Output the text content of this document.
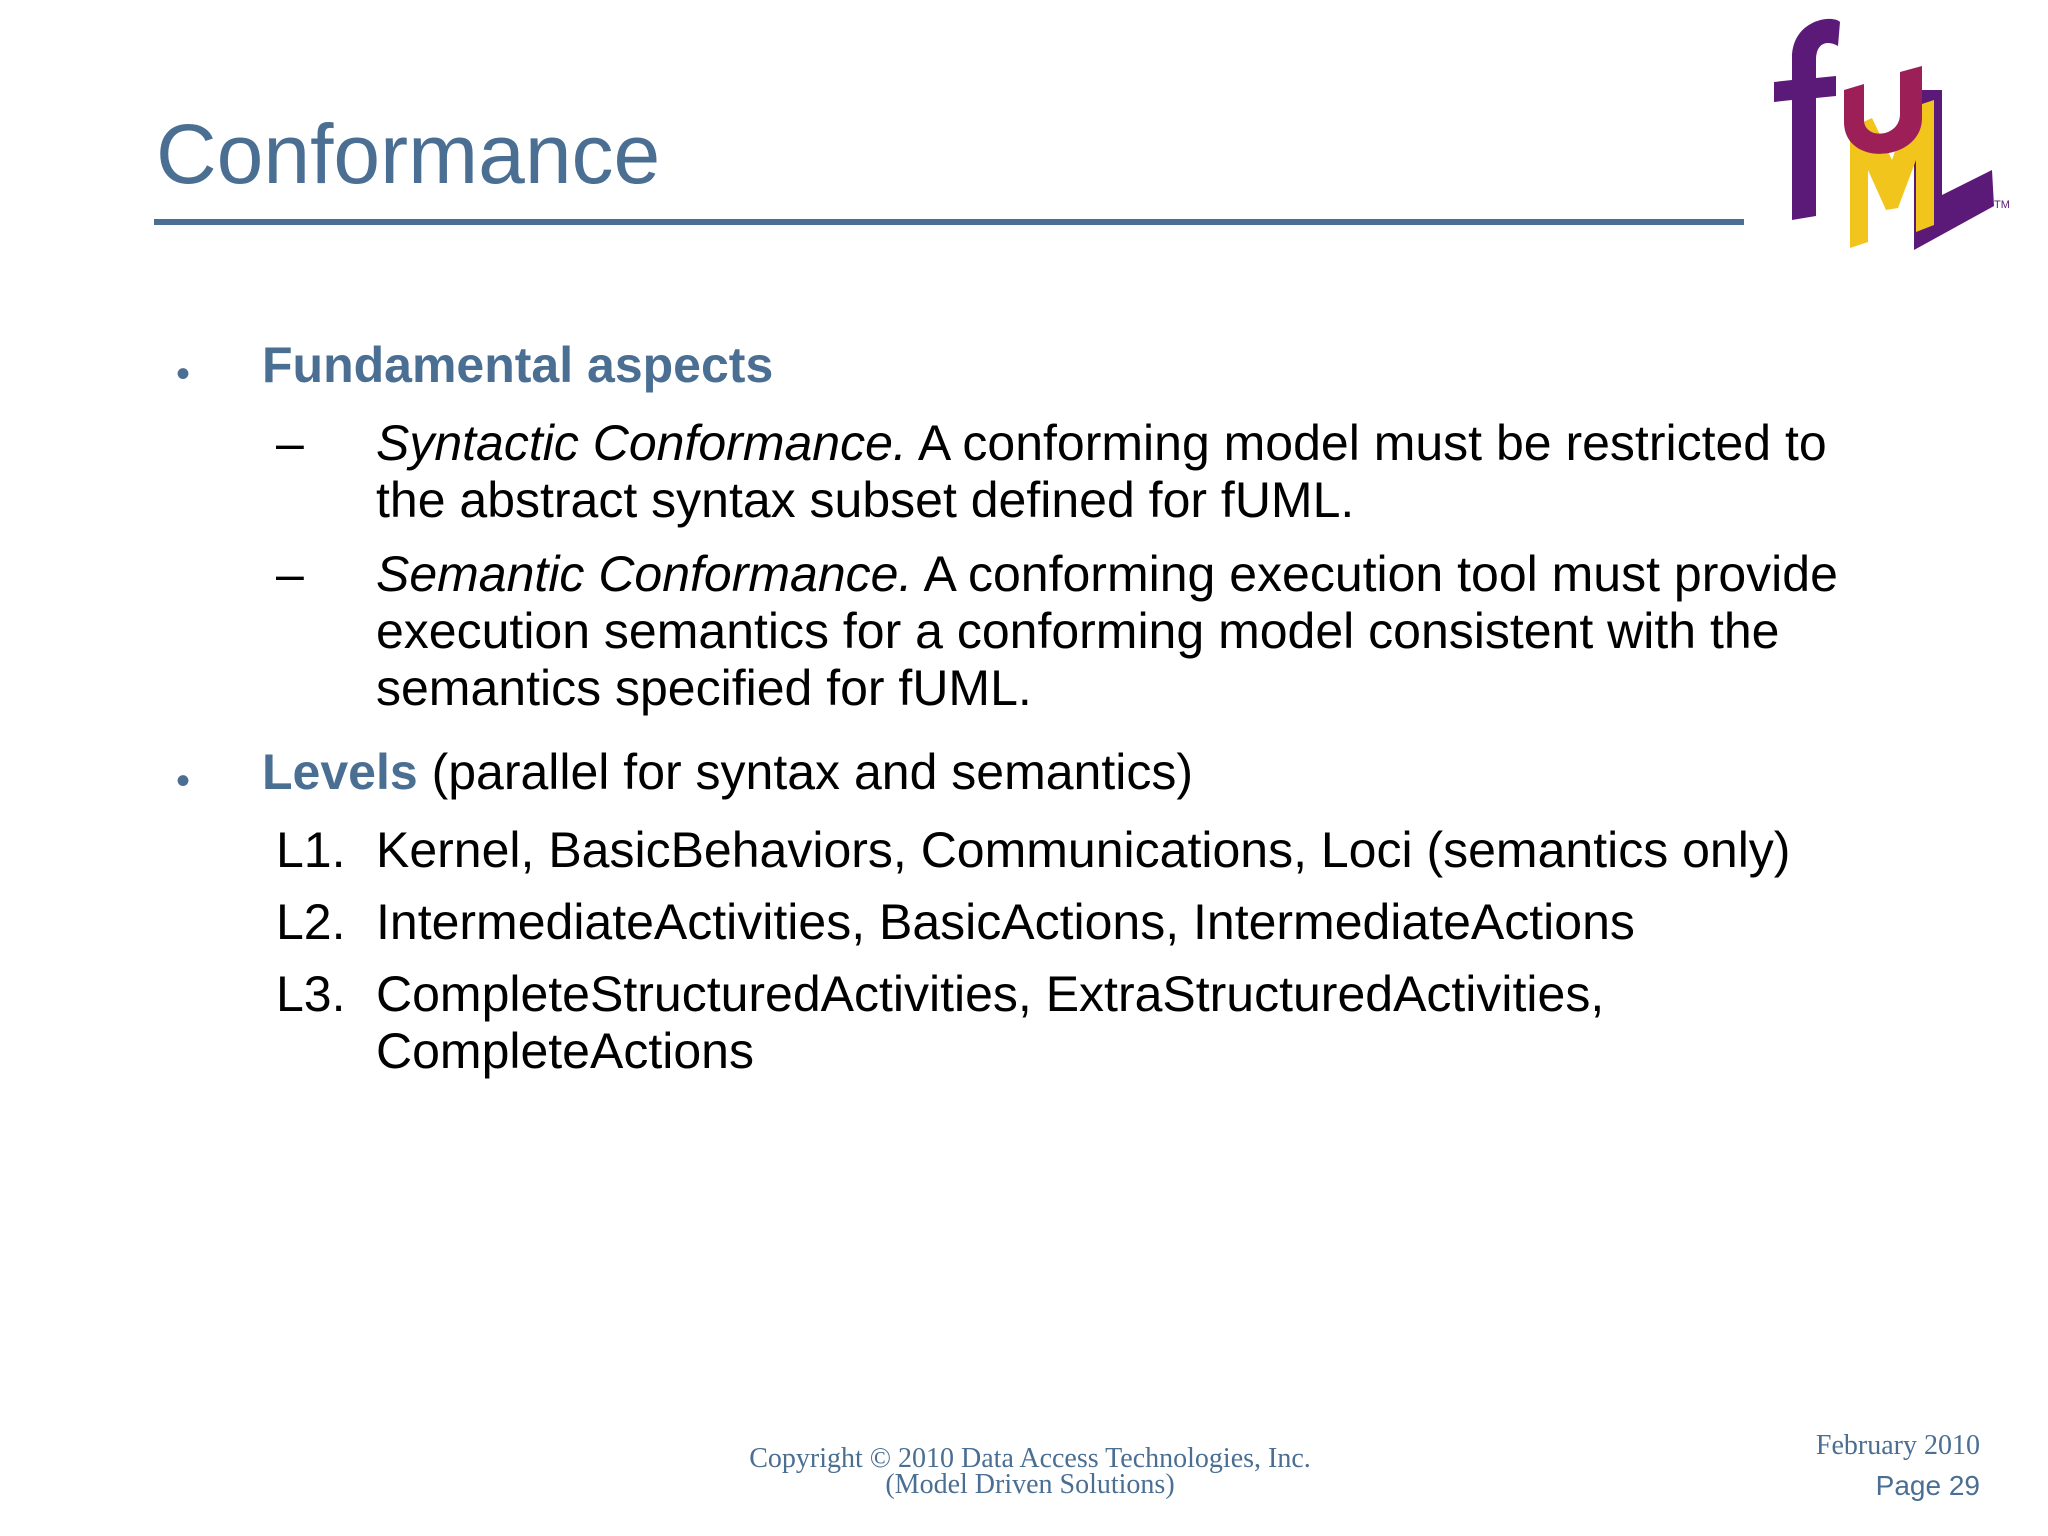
Conformance
TM
• Fundamental aspects
– Syntactic Conformance. A conforming model must be restricted to the abstract syntax subset defined for fUML.
– Semantic Conformance. A conforming execution tool must provide execution semantics for a conforming model consistent with the semantics specified for fUML.
• Levels (parallel for syntax and semantics)
L1. Kernel, BasicBehaviors, Communications, Loci (semantics only)
L2. IntermediateActivities, BasicActions, IntermediateActions
L3. CompleteStructuredActivities, ExtraStructuredActivities, CompleteActions
Copyright © 2010 Data Access Technologies, Inc.
(Model Driven Solutions)
February 2010
Page 29
